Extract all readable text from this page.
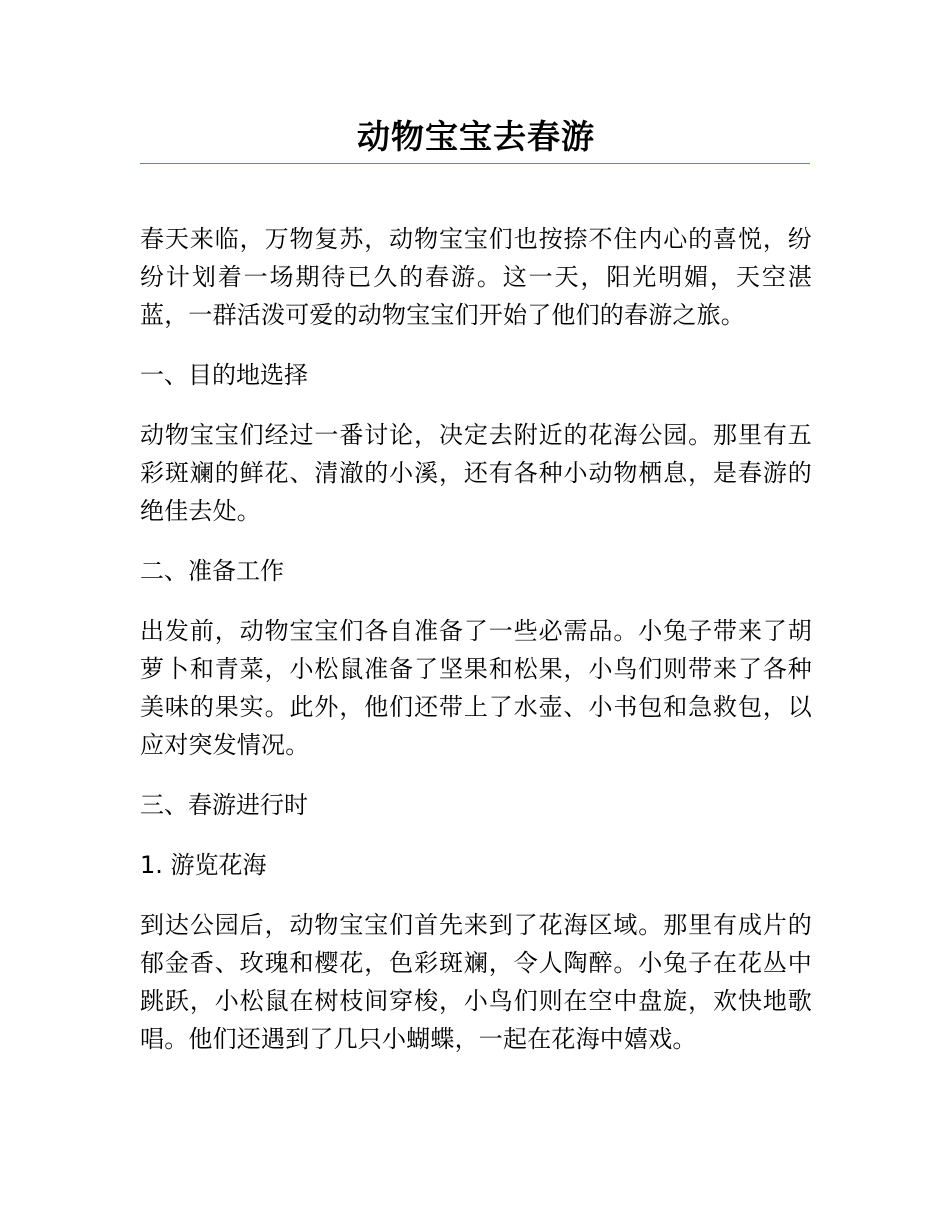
动物宝宝去春游

春天来临，万物复苏，动物宝宝们也按捺不住内心的喜悦，纷纷计划着一场期待已久的春游。这一天，阳光明媚，天空湛蓝，一群活泼可爱的动物宝宝们开始了他们的春游之旅。

一、目的地选择

动物宝宝们经过一番讨论，决定去附近的花海公园。那里有五彩斑斓的鲜花、清澈的小溪，还有各种小动物栖息，是春游的绝佳去处。

二、准备工作

出发前，动物宝宝们各自准备了一些必需品。小兔子带来了胡萝卜和青菜，小松鼠准备了坚果和松果，小鸟们则带来了各种美味的果实。此外，他们还带上了水壶、小书包和急救包，以应对突发情况。

三、春游进行时

1. 游览花海

到达公园后，动物宝宝们首先来到了花海区域。那里有成片的郁金香、玫瑰和樱花，色彩斑斓，令人陶醉。小兔子在花丛中跳跃，小松鼠在树枝间穿梭，小鸟们则在空中盘旋，欢快地歌唱。他们还遇到了几只小蝴蝶，一起在花海中嬉戏。
